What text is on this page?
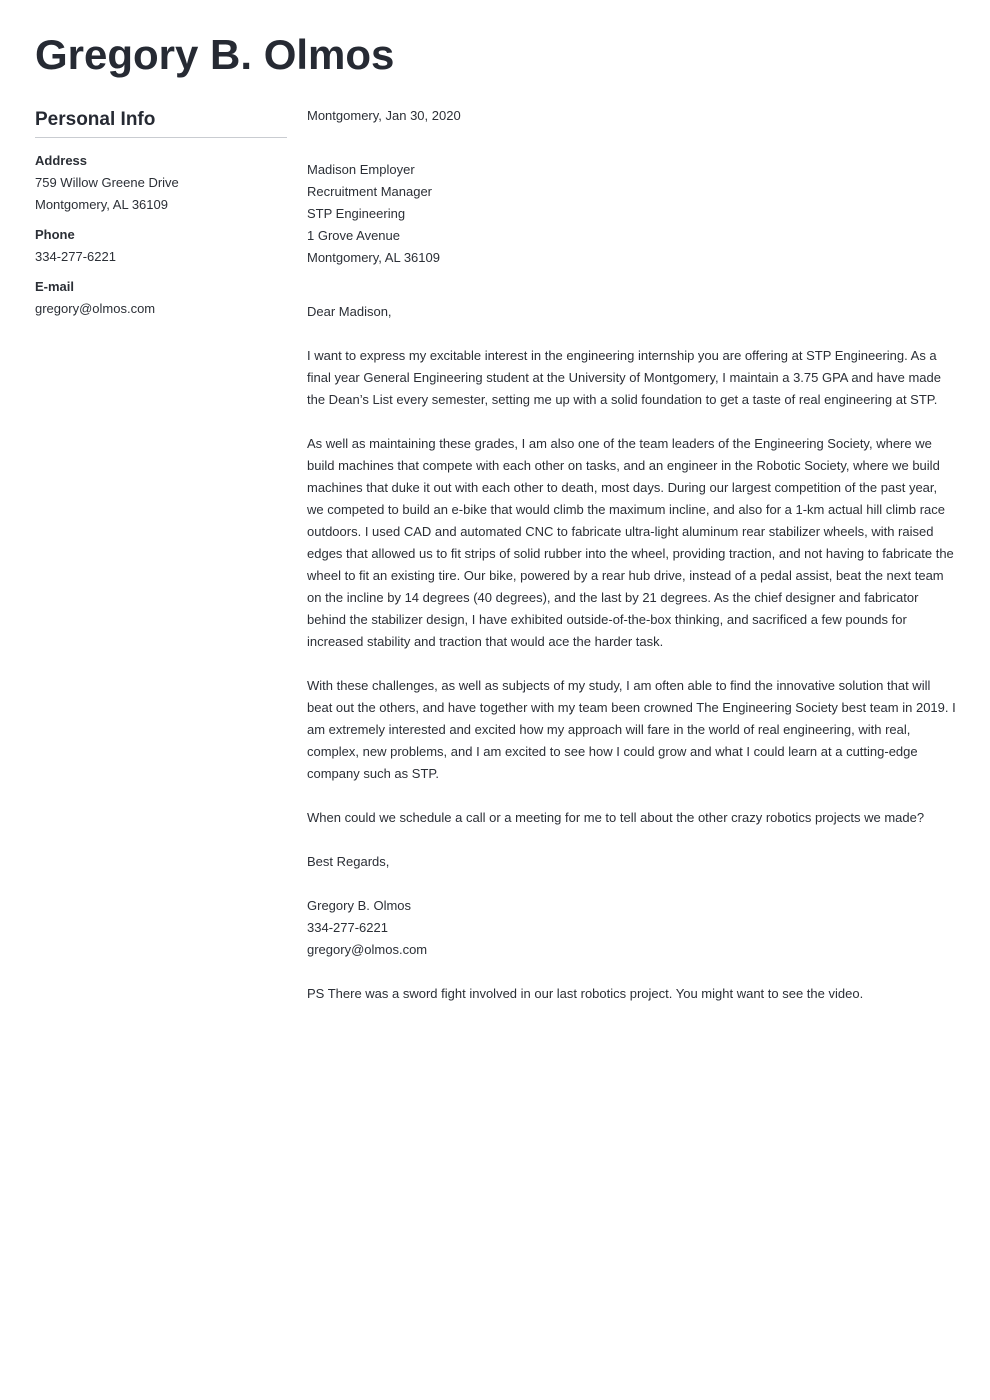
Gregory B. Olmos
Personal Info
Address
759 Willow Greene Drive
Montgomery, AL 36109
Phone
334-277-6221
E-mail
gregory@olmos.com

Montgomery, Jan 30, 2020

Madison Employer

Recruitment Manager

STP Engineering

1 Grove Avenue

Montgomery, AL 36109

Dear Madison,

I want to express my excitable interest in the engineering internship you are offering at STP Engineering. As a final year General Engineering student at the University of Montgomery, I maintain a 3.75 GPA and have made the Dean’s List every semester, setting me up with a solid foundation to get a taste of real engineering at STP.

As well as maintaining these grades, I am also one of the team leaders of the Engineering Society, where we build machines that compete with each other on tasks, and an engineer in the Robotic Society, where we build machines that duke it out with each other to death, most days. During our largest competition of the past year, we competed to build an e-bike that would climb the maximum incline, and also for a 1-km actual hill climb race outdoors. I used CAD and automated CNC to fabricate ultra-light aluminum rear stabilizer wheels, with raised edges that allowed us to fit strips of solid rubber into the wheel, providing traction, and not having to fabricate the wheel to fit an existing tire. Our bike, powered by a rear hub drive, instead of a pedal assist, beat the next team on the incline by 14 degrees (40 degrees), and the last by 21 degrees. As the chief designer and fabricator behind the stabilizer design, I have exhibited outside-of-the-box thinking, and sacrificed a few pounds for increased stability and traction that would ace the harder task.

With these challenges, as well as subjects of my study, I am often able to find the innovative solution that will beat out the others, and have together with my team been crowned The Engineering Society best team in 2019. I am extremely interested and excited how my approach will fare in the world of real engineering, with real, complex, new problems, and I am excited to see how I could grow and what I could learn at a cutting-edge company such as STP.

When could we schedule a call or a meeting for me to tell about the other crazy robotics projects we made?

Best Regards,

Gregory B. Olmos

334-277-6221

gregory@olmos.com

PS There was a sword fight involved in our last robotics project. You might want to see the video.
